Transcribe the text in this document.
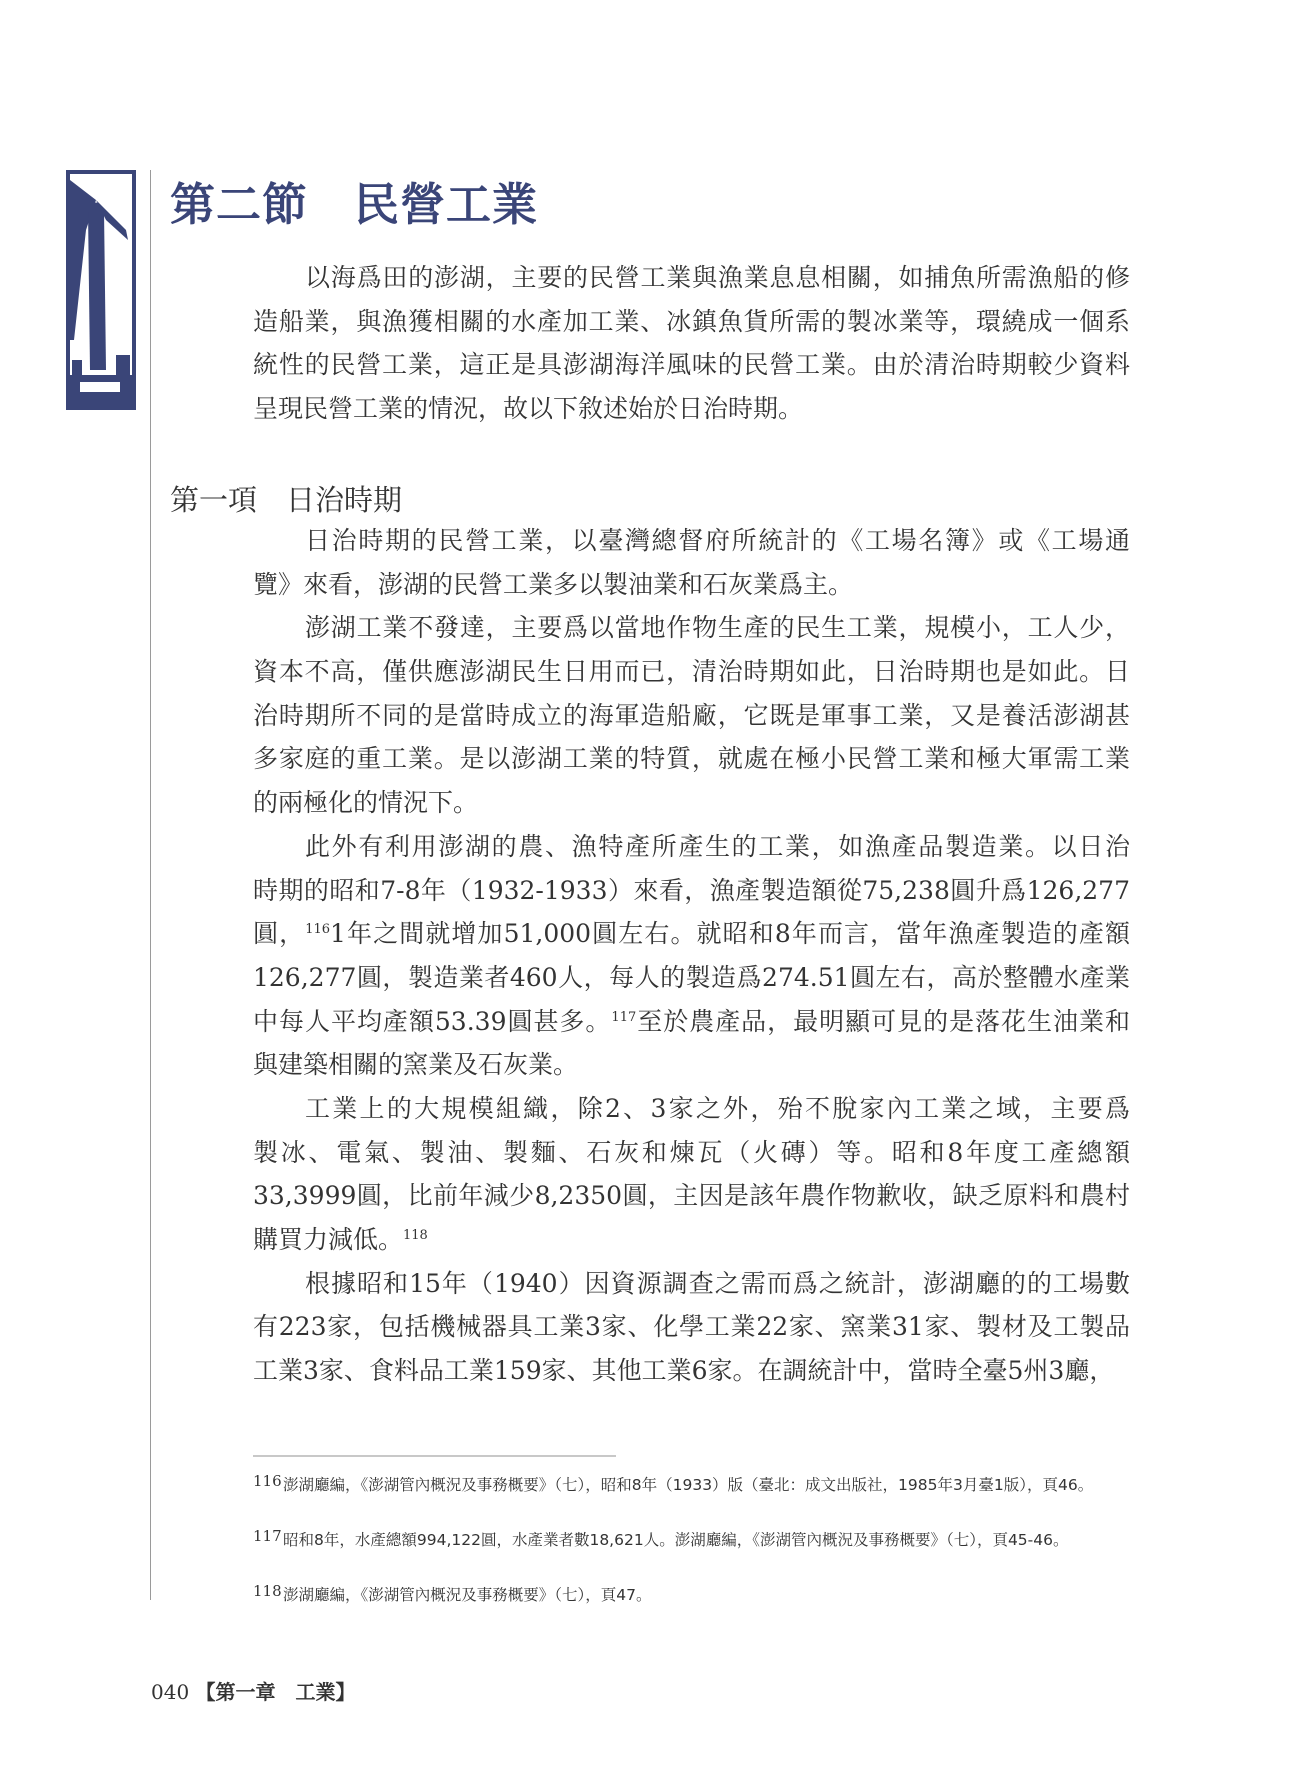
第二節　民營工業
以海爲田的澎湖，主要的民營工業與漁業息息相關，如捕魚所需漁船的修
造船業，與漁獲相關的水產加工業、冰鎮魚貨所需的製冰業等，環繞成一個系
統性的民營工業，這正是具澎湖海洋風味的民營工業。由於清治時期較少資料
呈現民營工業的情況，故以下敘述始於日治時期。
第一項　日治時期
日治時期的民營工業，以臺灣總督府所統計的《工場名簿》或《工場通
覽》來看，澎湖的民營工業多以製油業和石灰業爲主。
澎湖工業不發達，主要爲以當地作物生產的民生工業，規模小，工人少，
資本不高，僅供應澎湖民生日用而已，清治時期如此，日治時期也是如此。日
治時期所不同的是當時成立的海軍造船廠，它既是軍事工業，又是養活澎湖甚
多家庭的重工業。是以澎湖工業的特質，就處在極小民營工業和極大軍需工業
的兩極化的情況下。
此外有利用澎湖的農、漁特產所產生的工業，如漁產品製造業。以日治
時期的昭和7-8年（1932-1933）來看，漁產製造額從75,238圓升爲126,277
圓，$^{116}$1年之間就增加51,000圓左右。就昭和8年而言，當年漁產製造的產額
126,277圓，製造業者460人，每人的製造爲274.51圓左右，高於整體水產業
中每人平均產額53.39圓甚多。$^{117}$至於農產品，最明顯可見的是落花生油業和
與建築相關的窯業及石灰業。
工業上的大規模組織，除2、3家之外，殆不脫家內工業之域，主要爲
製冰、電氣、製油、製麵、石灰和煉瓦（火磚）等。昭和8年度工產總額
33,3999圓，比前年減少8,2350圓，主因是該年農作物歉收，缺乏原料和農村
購買力減低。$^{118}$
根據昭和15年（1940）因資源調查之需而爲之統計，澎湖廳的的工場數
有223家，包括機械器具工業3家、化學工業22家、窯業31家、製材及工製品
工業3家、食料品工業159家、其他工業6家。在調統計中，當時全臺5州3廳，
116 澎湖廳編，《澎湖管內概況及事務概要》（七），昭和8年（1933）版（臺北：成文出版社，1985年3月臺1版），頁46。
117 昭和8年，水產總額994,122圓，水產業者數18,621人。澎湖廳編，《澎湖管內概況及事務概要》（七），頁45-46。
118 澎湖廳編，《澎湖管內概況及事務概要》（七），頁47。
040 【第一章　工業】
